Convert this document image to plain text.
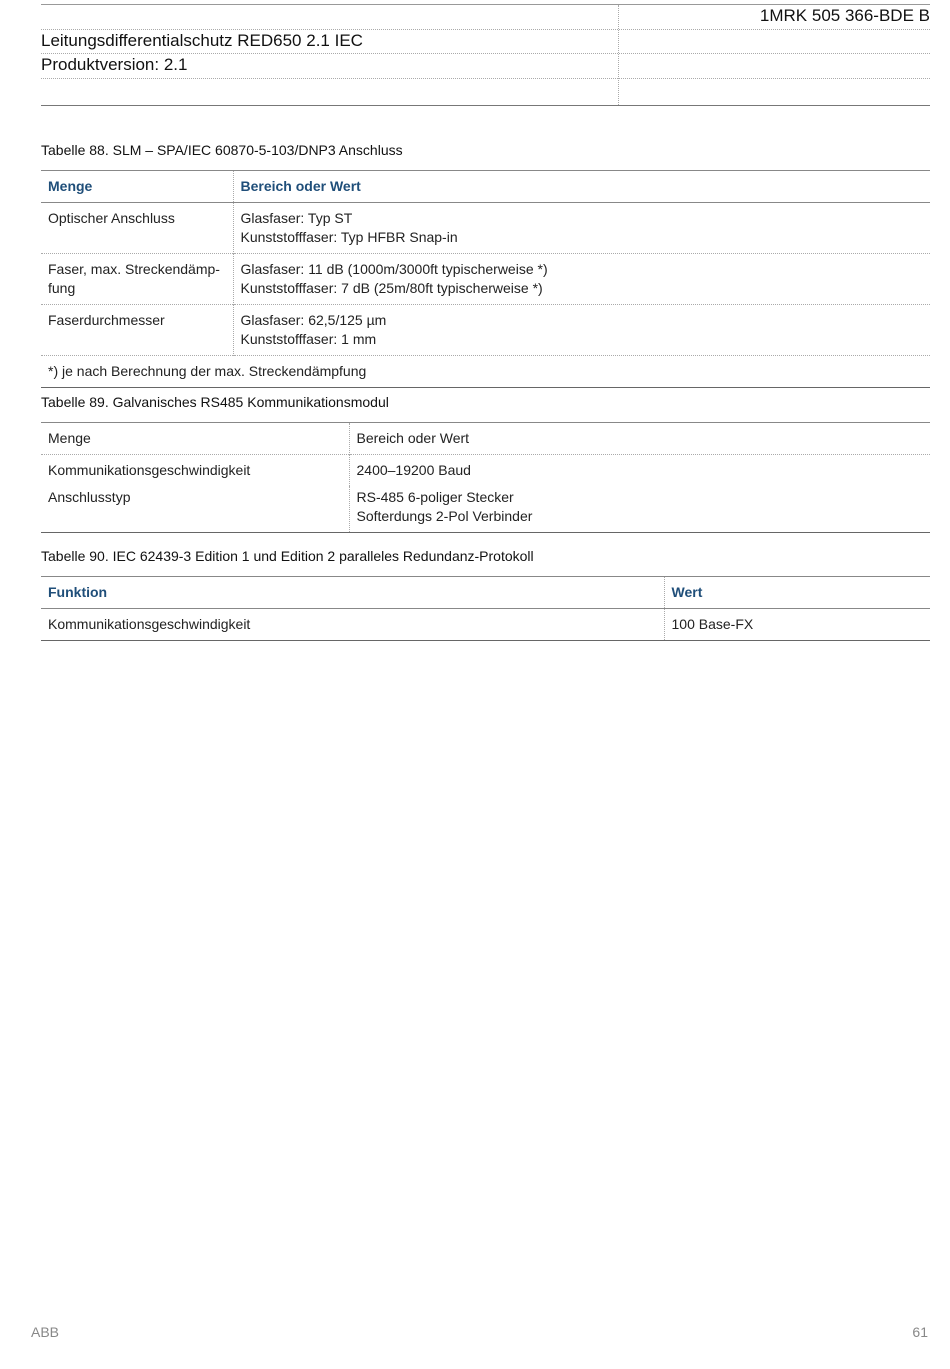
1MRK 505 366-BDE B
Leitungsdifferentialschutz RED650 2.1 IEC
Produktversion: 2.1
Tabelle 88. SLM – SPA/IEC 60870-5-103/DNP3 Anschluss
Menge	Bereich oder Wert

Optischer Anschluss	Glasfaser: Typ ST
Kunststofffaser: Typ HFBR Snap-in

Faser, max. Streckendämp-
fung	Glasfaser: 11 dB (1000m/3000ft typischerweise *)
Kunststofffaser: 7 dB (25m/80ft typischerweise *)

Faserdurchmesser	Glasfaser: 62,5/125 µm
Kunststofffaser: 1 mm

*) je nach Berechnung der max. Streckendämpfung	
Tabelle 89. Galvanisches RS485 Kommunikationsmodul
Menge	Bereich oder Wert

Kommunikationsgeschwindigkeit	2400–19200 Baud

Anschlusstyp	RS-485 6-poliger Stecker
Softerdungs 2-Pol Verbinder
Tabelle 90. IEC 62439-3 Edition 1 und Edition 2 paralleles Redundanz-Protokoll
Funktion	Wert

Kommunikationsgeschwindigkeit	100 Base-FX
ABB	61
